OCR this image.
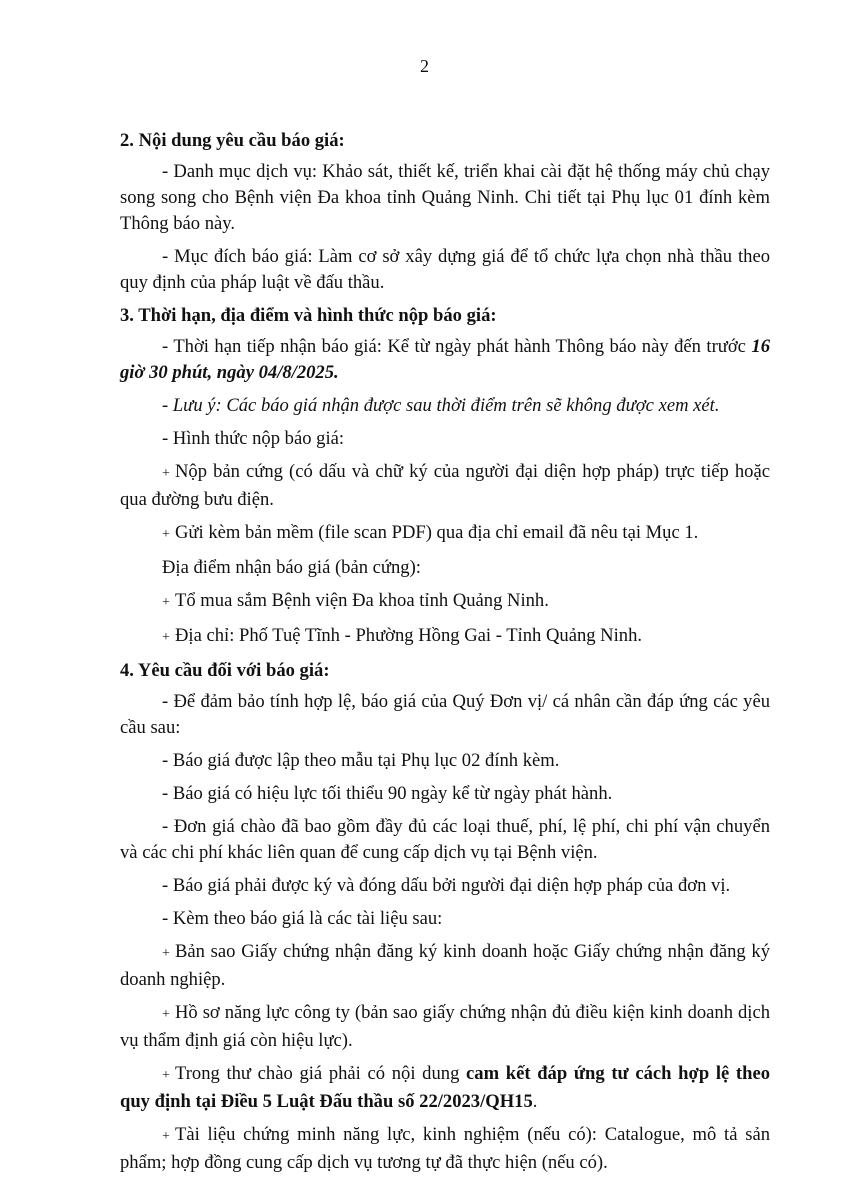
2
2. Nội dung yêu cầu báo giá:
- Danh mục dịch vụ: Khảo sát, thiết kế, triển khai cài đặt hệ thống máy chủ chạy song song cho Bệnh viện Đa khoa tỉnh Quảng Ninh. Chi tiết tại Phụ lục 01 đính kèm Thông báo này.
- Mục đích báo giá: Làm cơ sở xây dựng giá để tổ chức lựa chọn nhà thầu theo quy định của pháp luật về đấu thầu.
3. Thời hạn, địa điểm và hình thức nộp báo giá:
- Thời hạn tiếp nhận báo giá: Kể từ ngày phát hành Thông báo này đến trước 16 giờ 30 phút, ngày 04/8/2025.
- Lưu ý: Các báo giá nhận được sau thời điểm trên sẽ không được xem xét.
- Hình thức nộp báo giá:
+ Nộp bản cứng (có dấu và chữ ký của người đại diện hợp pháp) trực tiếp hoặc qua đường bưu điện.
+ Gửi kèm bản mềm (file scan PDF) qua địa chỉ email đã nêu tại Mục 1.
Địa điểm nhận báo giá (bản cứng):
+ Tổ mua sắm Bệnh viện Đa khoa tỉnh Quảng Ninh.
+ Địa chỉ: Phố Tuệ Tĩnh - Phường Hồng Gai - Tỉnh Quảng Ninh.
4. Yêu cầu đối với báo giá:
- Để đảm bảo tính hợp lệ, báo giá của Quý Đơn vị/ cá nhân cần đáp ứng các yêu cầu sau:
- Báo giá được lập theo mẫu tại Phụ lục 02 đính kèm.
- Báo giá có hiệu lực tối thiểu 90 ngày kể từ ngày phát hành.
- Đơn giá chào đã bao gồm đầy đủ các loại thuế, phí, lệ phí, chi phí vận chuyển và các chi phí khác liên quan để cung cấp dịch vụ tại Bệnh viện.
- Báo giá phải được ký và đóng dấu bởi người đại diện hợp pháp của đơn vị.
- Kèm theo báo giá là các tài liệu sau:
+ Bản sao Giấy chứng nhận đăng ký kinh doanh hoặc Giấy chứng nhận đăng ký doanh nghiệp.
+ Hồ sơ năng lực công ty (bản sao giấy chứng nhận đủ điều kiện kinh doanh dịch vụ thẩm định giá còn hiệu lực).
+ Trong thư chào giá phải có nội dung cam kết đáp ứng tư cách hợp lệ theo quy định tại Điều 5 Luật Đấu thầu số 22/2023/QH15.
+ Tài liệu chứng minh năng lực, kinh nghiệm (nếu có): Catalogue, mô tả sản phẩm; hợp đồng cung cấp dịch vụ tương tự đã thực hiện (nếu có).
